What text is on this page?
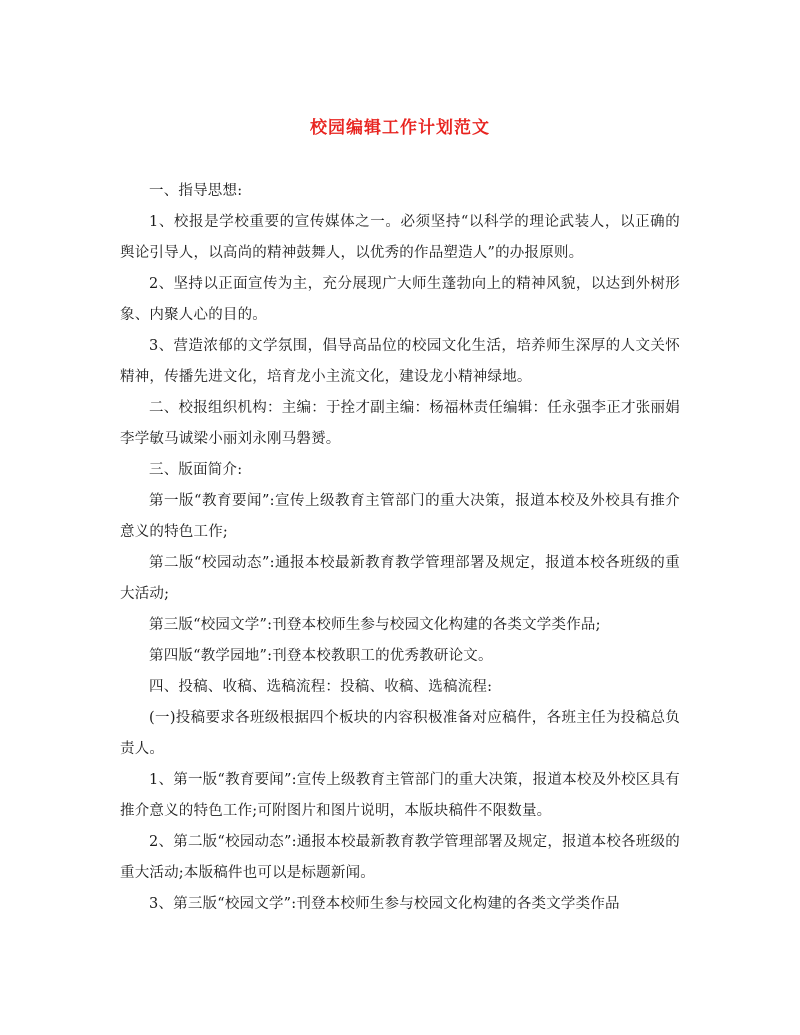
校园编辑工作计划范文

一、指导思想:

1、校报是学校重要的宣传媒体之一。必须坚持“以科学的理论武装人，以正确的舆论引导人，以高尚的精神鼓舞人，以优秀的作品塑造人”的办报原则。

2、坚持以正面宣传为主，充分展现广大师生蓬勃向上的精神风貌，以达到外树形象、内聚人心的目的。

3、营造浓郁的文学氛围，倡导高品位的校园文化生活，培养师生深厚的人文关怀精神，传播先进文化，培育龙小主流文化，建设龙小精神绿地。

二、校报组织机构：主编：于拴才副主编：杨福林责任编辑：任永强李正才张丽娟李学敏马诚梁小丽刘永刚马磐赟。

三、版面简介:

第一版“教育要闻”:宣传上级教育主管部门的重大决策，报道本校及外校具有推介意义的特色工作;

第二版“校园动态”:通报本校最新教育教学管理部署及规定，报道本校各班级的重大活动;

第三版“校园文学”:刊登本校师生参与校园文化构建的各类文学类作品;

第四版“教学园地”:刊登本校教职工的优秀教研论文。

四、投稿、收稿、选稿流程：投稿、收稿、选稿流程:

(一)投稿要求各班级根据四个板块的内容积极准备对应稿件，各班主任为投稿总负责人。

1、第一版“教育要闻”:宣传上级教育主管部门的重大决策，报道本校及外校区具有推介意义的特色工作;可附图片和图片说明，本版块稿件不限数量。

2、第二版“校园动态”:通报本校最新教育教学管理部署及规定，报道本校各班级的重大活动;本版稿件也可以是标题新闻。

3、第三版“校园文学”:刊登本校师生参与校园文化构建的各类文学类作品
